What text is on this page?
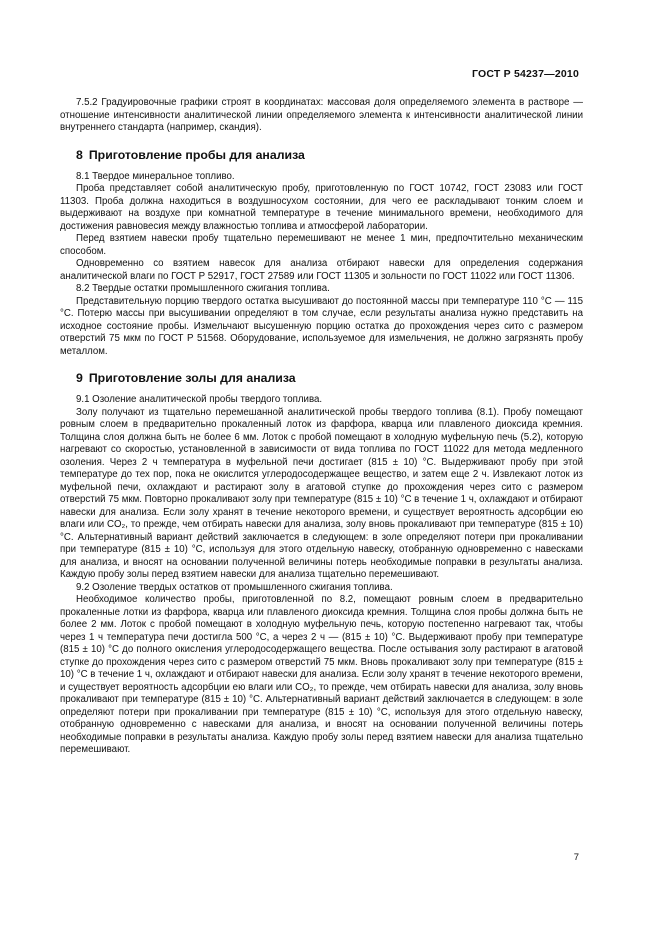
ГОСТ Р 54237—2010

7.5.2 Градуировочные графики строят в координатах: массовая доля определяемого элемента в растворе — отношение интенсивности аналитической линии определяемого элемента к интенсивности аналитической линии внутреннего стандарта (например, скандия).

8 Приготовление пробы для анализа

8.1 Твердое минеральное топливо.

Проба представляет собой аналитическую пробу, приготовленную по ГОСТ 10742, ГОСТ 23083 или ГОСТ 11303. Проба должна находиться в воздушносухом состоянии, для чего ее раскладывают тонким слоем и выдерживают на воздухе при комнатной температуре в течение минимального времени, необходимого для достижения равновесия между влажностью топлива и атмосферой лаборатории.

Перед взятием навески пробу тщательно перемешивают не менее 1 мин, предпочтительно механическим способом.

Одновременно со взятием навесок для анализа отбирают навески для определения содержания аналитической влаги по ГОСТ Р 52917, ГОСТ 27589 или ГОСТ 11305 и зольности по ГОСТ 11022 или ГОСТ 11306.

8.2 Твердые остатки промышленного сжигания топлива.

Представительную порцию твердого остатка высушивают до постоянной массы при температуре 110 °С — 115 °С. Потерю массы при высушивании определяют в том случае, если результаты анализа нужно представить на исходное состояние пробы. Измельчают высушенную порцию остатка до прохождения через сито с размером отверстий 75 мкм по ГОСТ Р 51568. Оборудование, используемое для измельчения, не должно загрязнять пробу металлом.

9 Приготовление золы для анализа

9.1 Озоление аналитической пробы твердого топлива.

Золу получают из тщательно перемешанной аналитической пробы твердого топлива (8.1). Пробу помещают ровным слоем в предварительно прокаленный лоток из фарфора, кварца или плавленого диоксида кремния. Толщина слоя должна быть не более 6 мм. Лоток с пробой помещают в холодную муфельную печь (5.2), которую нагревают со скоростью, установленной в зависимости от вида топлива по ГОСТ 11022 для метода медленного озоления. Через 2 ч температура в муфельной печи достигает (815 ± 10) °С. Выдерживают пробу при этой температуре до тех пор, пока не окислится углеродосодержащее вещество, и затем еще 2 ч. Извлекают лоток из муфельной печи, охлаждают и растирают золу в агатовой ступке до прохождения через сито с размером отверстий 75 мкм. Повторно прокаливают золу при температуре (815 ± 10) °С в течение 1 ч, охлаждают и отбирают навески для анализа. Если золу хранят в течение некоторого времени, и существует вероятность адсорбции ею влаги или CO₂, то прежде, чем отбирать навески для анализа, золу вновь прокаливают при температуре (815 ± 10) °С. Альтернативный вариант действий заключается в следующем: в золе определяют потери при прокаливании при температуре (815 ± 10) °С, используя для этого отдельную навеску, отобранную одновременно с навесками для анализа, и вносят на основании полученной величины потерь необходимые поправки в результаты анализа. Каждую пробу золы перед взятием навески для анализа тщательно перемешивают.

9.2 Озоление твердых остатков от промышленного сжигания топлива.

Необходимое количество пробы, приготовленной по 8.2, помещают ровным слоем в предварительно прокаленные лотки из фарфора, кварца или плавленого диоксида кремния. Толщина слоя пробы должна быть не более 2 мм. Лоток с пробой помещают в холодную муфельную печь, которую постепенно нагревают так, чтобы через 1 ч температура печи достигла 500 °С, а через 2 ч — (815 ± 10) °С. Выдерживают пробу при температуре (815 ± 10) °С до полного окисления углеродосодержащего вещества. После остывания золу растирают в агатовой ступке до прохождения через сито с размером отверстий 75 мкм. Вновь прокаливают золу при температуре (815 ± 10) °С в течение 1 ч, охлаждают и отбирают навески для анализа. Если золу хранят в течение некоторого времени, и существует вероятность адсорбции ею влаги или CO₂, то прежде, чем отбирать навески для анализа, золу вновь прокаливают при температуре (815 ± 10) °С. Альтернативный вариант действий заключается в следующем: в золе определяют потери при прокаливании при температуре (815 ± 10) °С, используя для этого отдельную навеску, отобранную одновременно с навесками для анализа, и вносят на основании полученной величины потерь необходимые поправки в результаты анализа. Каждую пробу золы перед взятием навески для анализа тщательно перемешивают.

7
